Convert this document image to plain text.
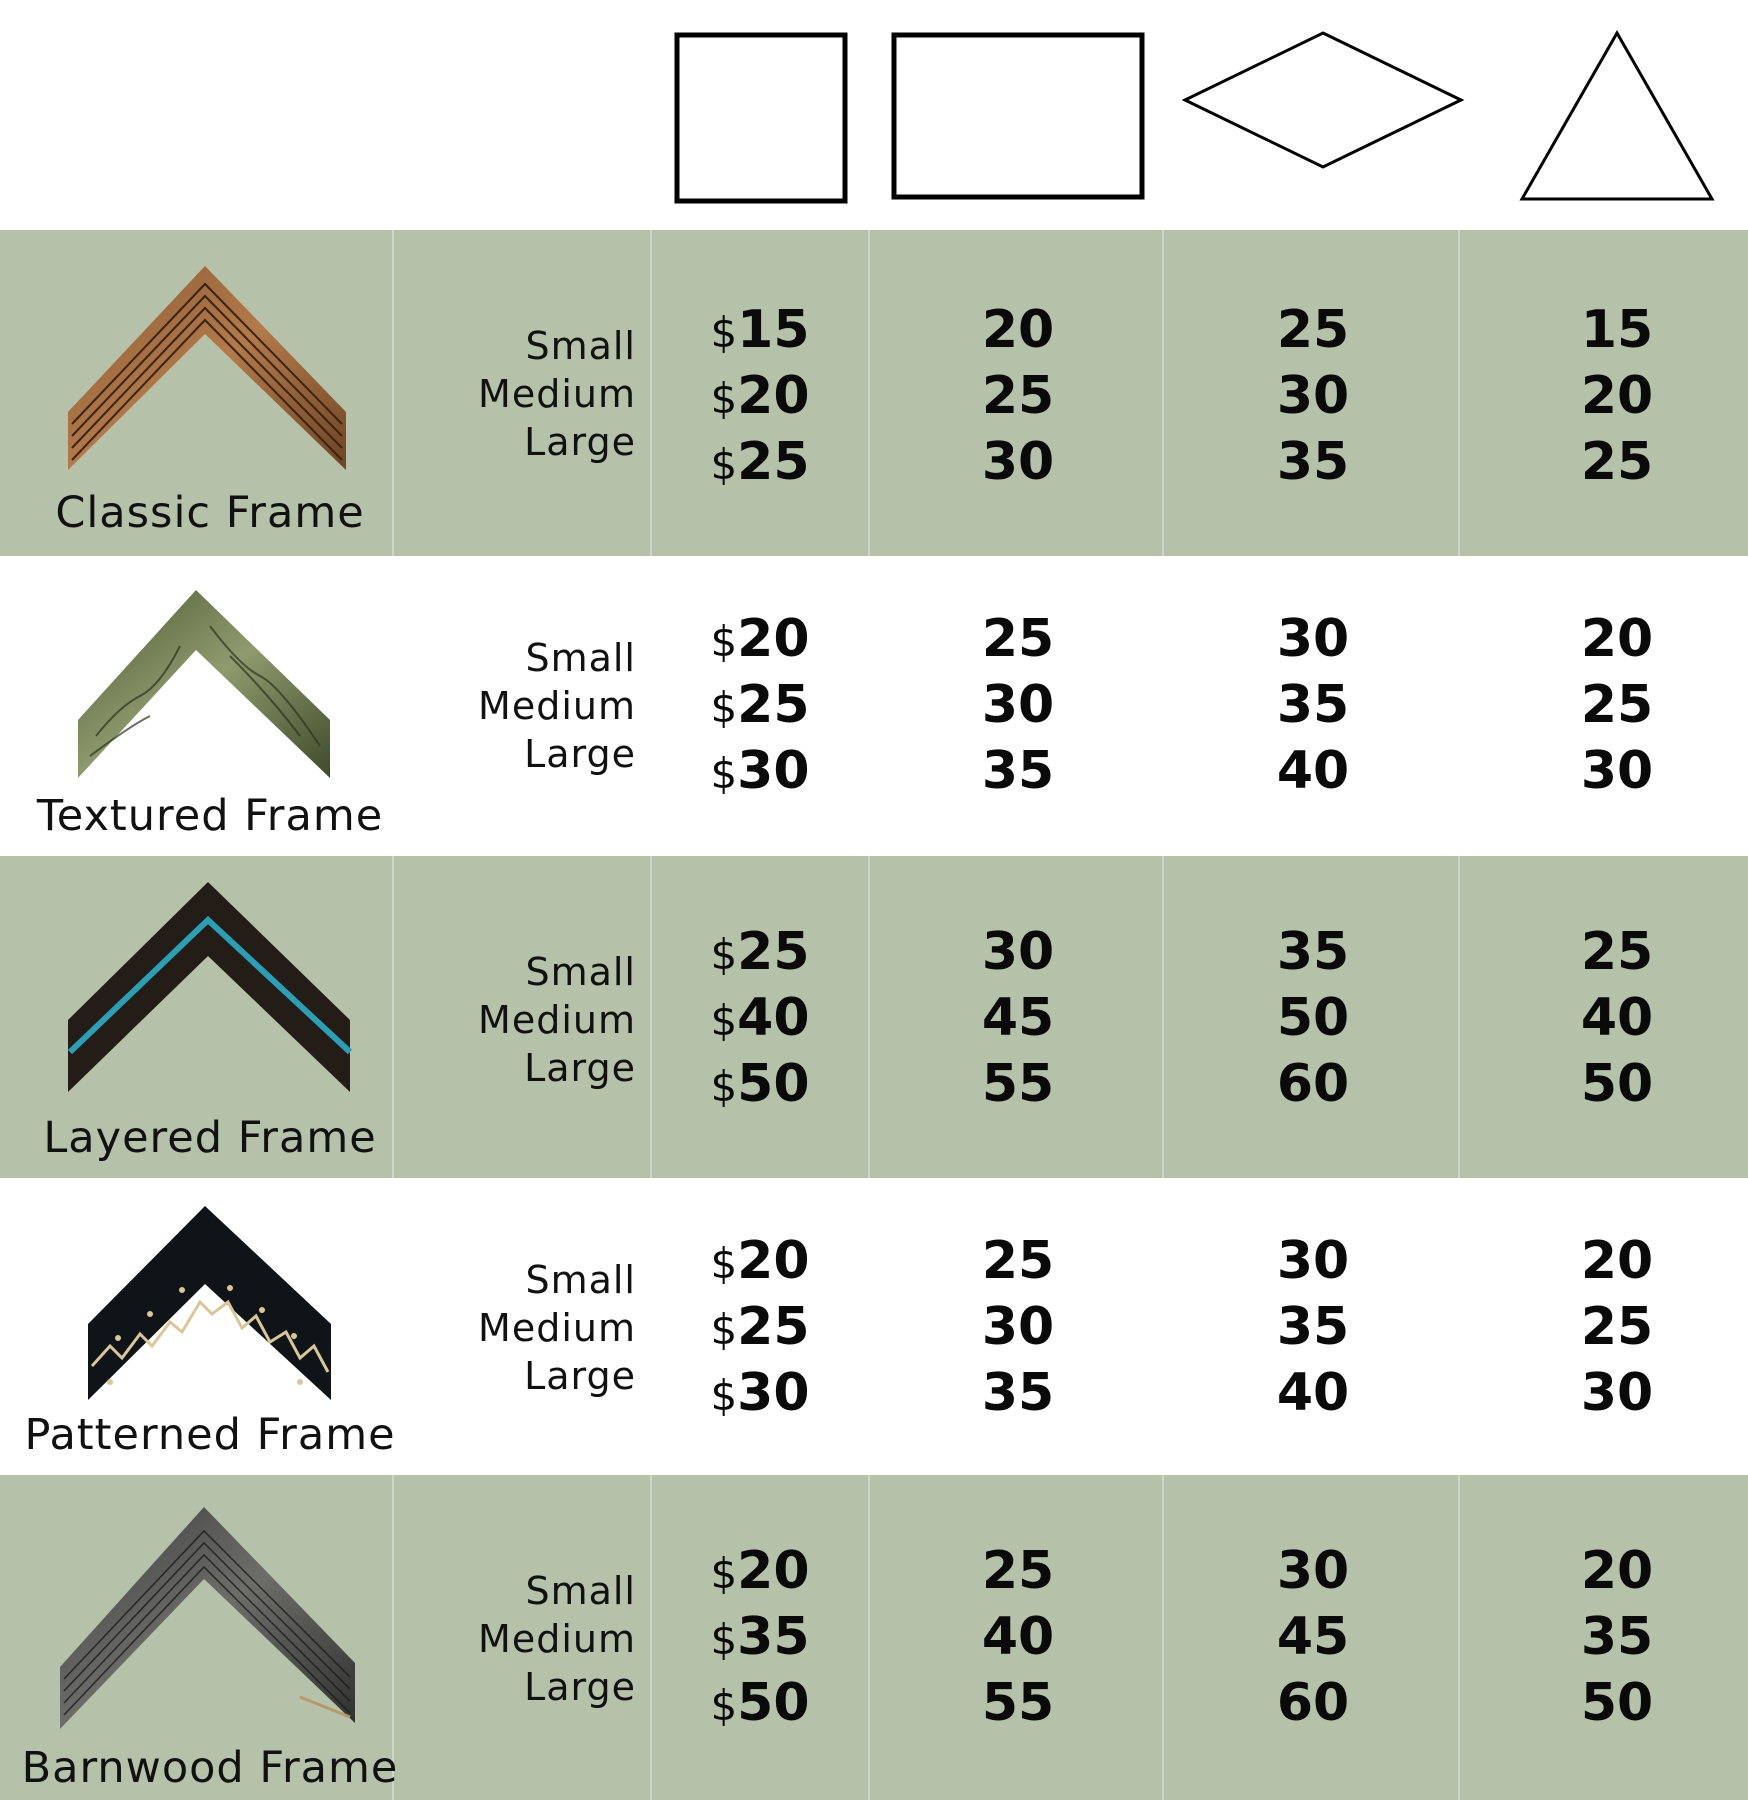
Classic Frame
Small
Medium
Large
$15
$20
$25
20
25
30
25
30
35
15
20
25
Textured Frame
Small
Medium
Large
$20
$25
$30
25
30
35
30
35
40
20
25
30
Layered Frame
Small
Medium
Large
$25
$40
$50
30
45
55
35
50
60
25
40
50
Patterned Frame
Small
Medium
Large
$20
$25
$30
25
30
35
30
35
40
20
25
30
Barnwood Frame
Small
Medium
Large
$20
$35
$50
25
40
55
30
45
60
20
35
50
